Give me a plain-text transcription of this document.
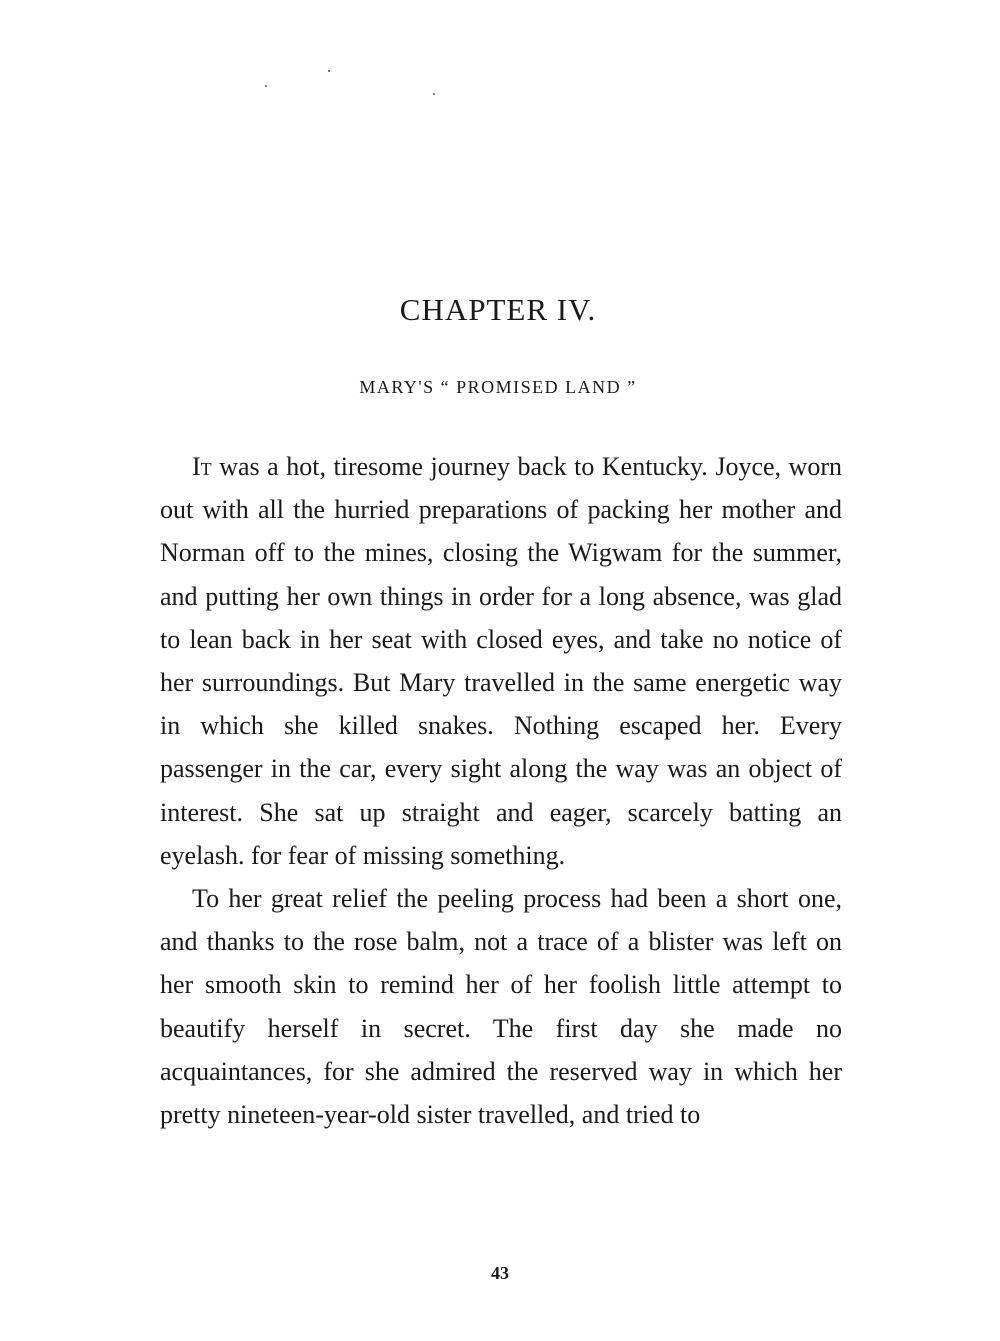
CHAPTER IV.
MARY'S “ PROMISED LAND ”

It was a hot, tiresome journey back to Kentucky. Joyce, worn out with all the hurried preparations of packing her mother and Norman off to the mines, closing the Wigwam for the summer, and putting her own things in order for a long absence, was glad to lean back in her seat with closed eyes, and take no notice of her surroundings. But Mary travelled in the same energetic way in which she killed snakes. Nothing escaped her. Every passenger in the car, every sight along the way was an object of interest. She sat up straight and eager, scarcely batting an eyelash. for fear of missing something.

To her great relief the peeling process had been a short one, and thanks to the rose balm, not a trace of a blister was left on her smooth skin to remind her of her foolish little attempt to beautify herself in secret. The first day she made no acquaintances, for she admired the reserved way in which her pretty nineteen-year-old sister travelled, and tried to

43
